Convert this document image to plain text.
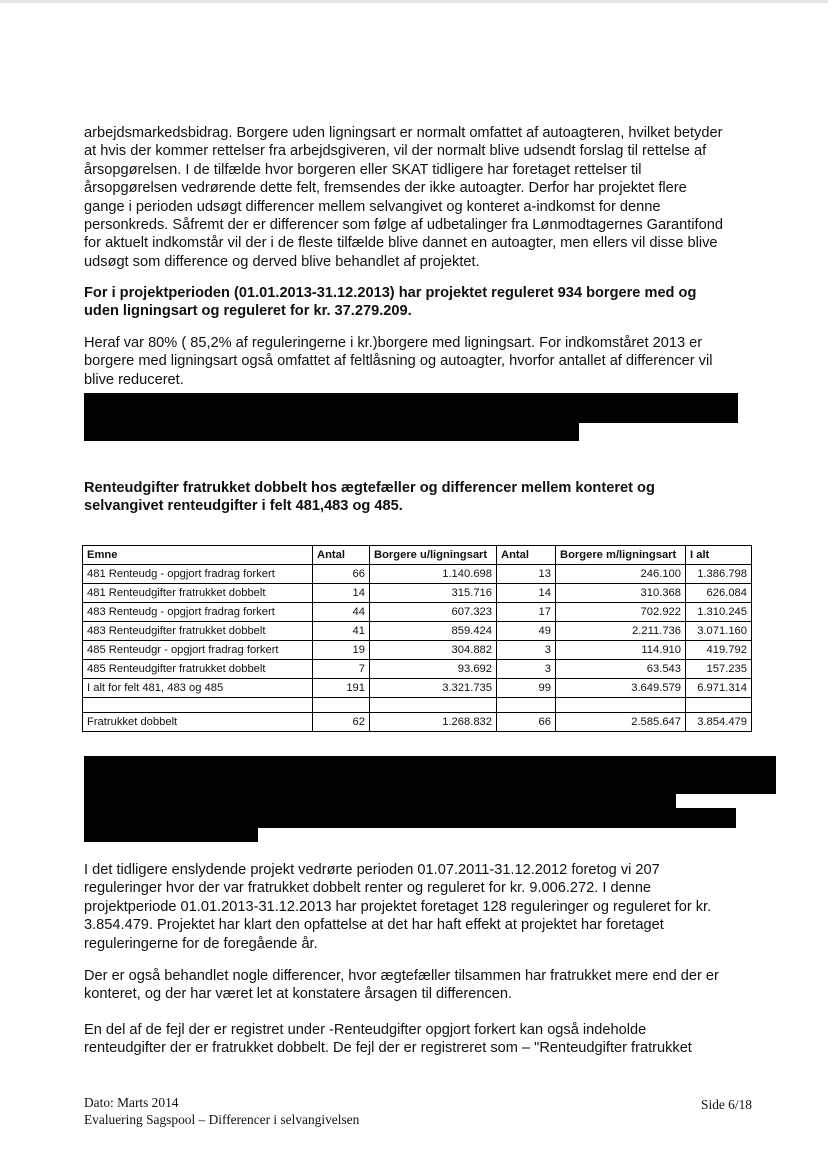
arbejdsmarkedsbidrag. Borgere uden ligningsart er normalt omfattet af autoagteren, hvilket betyder
at hvis der kommer rettelser fra arbejdsgiveren, vil der normalt blive udsendt forslag til rettelse af
årsopgørelsen. I de tilfælde hvor borgeren eller SKAT tidligere har foretaget rettelser til
årsopgørelsen vedrørende dette felt, fremsendes der ikke autoagter. Derfor har projektet flere
gange i perioden udsøgt differencer mellem selvangivet og konteret a-indkomst for denne
personkreds. Såfremt der er differencer som følge af udbetalinger fra Lønmodtagernes Garantifond
for aktuelt indkomstår vil der i de fleste tilfælde blive dannet en autoagter, men ellers vil disse blive
udsøgt som difference og derved blive behandlet af projektet.
For i projektperioden (01.01.2013-31.12.2013) har projektet reguleret 934 borgere med og
uden ligningsart og reguleret for kr. 37.279.209.
Heraf var 80% ( 85,2% af reguleringerne i kr.)borgere med ligningsart. For indkomståret 2013 er
borgere med ligningsart også omfattet af feltlåsning og autoagter, hvorfor antallet af differencer vil
blive reduceret.
Renteudgifter fratrukket dobbelt hos ægtefæller og differencer mellem konteret og
selvangivet renteudgifter i felt 481,483 og 485.
Emne	Antal	Borgere u/ligningsart	Antal	Borgere m/ligningsart	I alt
481 Renteudg - opgjort fradrag forkert	66	1.140.698	13	246.100	1.386.798
481 Renteudgifter fratrukket dobbelt	14	315.716	14	310.368	626.084
483 Renteudg - opgjort fradrag forkert	44	607.323	17	702.922	1.310.245
483 Renteudgifter fratrukket dobbelt	41	859.424	49	2.211.736	3.071.160
485 Renteudgr - opgjort fradrag forkert	19	304.882	3	114.910	419.792
485 Renteudgifter fratrukket dobbelt	7	93.692	3	63.543	157.235
I alt for felt 481, 483 og 485	191	3.321.735	99	3.649.579	6.971.314

Fratrukket dobbelt	62	1.268.832	66	2.585.647	3.854.479
I det tidligere enslydende projekt vedrørte perioden 01.07.2011-31.12.2012 foretog vi 207
reguleringer hvor der var fratrukket dobbelt renter og reguleret for kr. 9.006.272. I denne
projektperiode 01.01.2013-31.12.2013 har projektet foretaget 128 reguleringer og reguleret for kr.
3.854.479. Projektet har klart den opfattelse at det har haft effekt at projektet har foretaget
reguleringerne for de foregående år.
Der er også behandlet nogle differencer, hvor ægtefæller tilsammen har fratrukket mere end der er
konteret, og der har været let at konstatere årsagen til differencen.
En del af de fejl der er registret under -Renteudgifter opgjort forkert kan også indeholde
renteudgifter der er fratrukket dobbelt. De fejl der er registreret som – "Renteudgifter fratrukket
Dato: Marts 2014
Evaluering Sagspool – Differencer i selvangivelsen
Side 6/18
